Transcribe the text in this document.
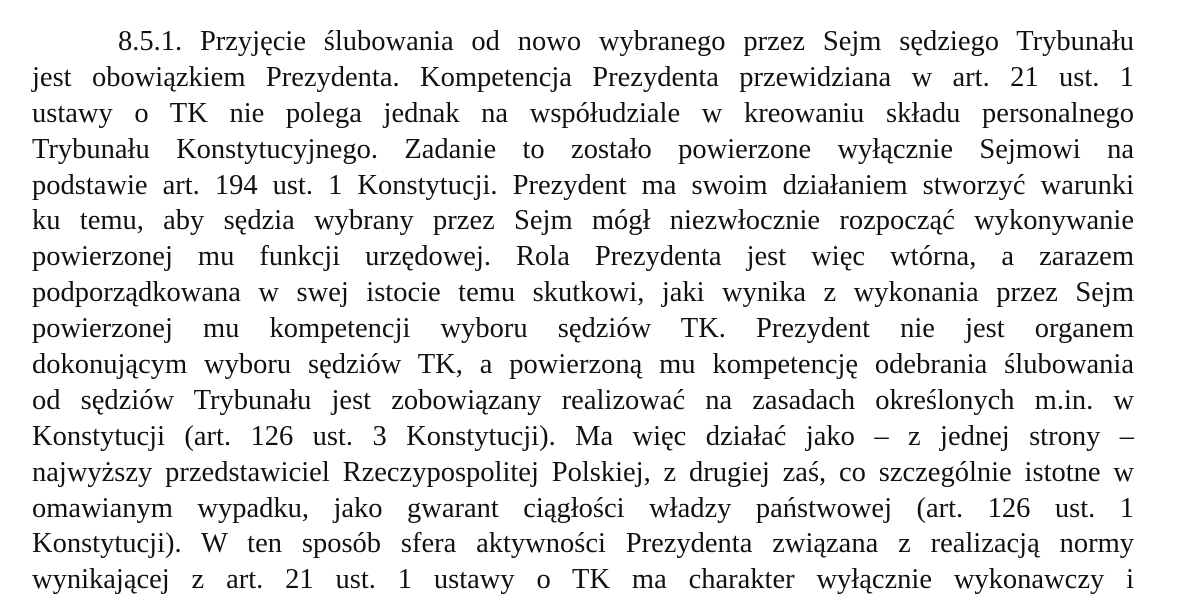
8.5.1. Przyjęcie ślubowania od nowo wybranego przez Sejm sędziego Trybunału
jest obowiązkiem Prezydenta. Kompetencja Prezydenta przewidziana w art. 21 ust. 1
ustawy o TK nie polega jednak na współudziale w kreowaniu składu personalnego
Trybunału Konstytucyjnego. Zadanie to zostało powierzone wyłącznie Sejmowi na
podstawie art. 194 ust. 1 Konstytucji. Prezydent ma swoim działaniem stworzyć warunki
ku temu, aby sędzia wybrany przez Sejm mógł niezwłocznie rozpocząć wykonywanie
powierzonej mu funkcji urzędowej. Rola Prezydenta jest więc wtórna, a zarazem
podporządkowana w swej istocie temu skutkowi, jaki wynika z wykonania przez Sejm
powierzonej mu kompetencji wyboru sędziów TK. Prezydent nie jest organem
dokonującym wyboru sędziów TK, a powierzoną mu kompetencję odebrania ślubowania
od sędziów Trybunału jest zobowiązany realizować na zasadach określonych m.in. w
Konstytucji (art. 126 ust. 3 Konstytucji). Ma więc działać jako – z jednej strony –
najwyższy przedstawiciel Rzeczypospolitej Polskiej, z drugiej zaś, co szczególnie istotne w
omawianym wypadku, jako gwarant ciągłości władzy państwowej (art. 126 ust. 1
Konstytucji). W ten sposób sfera aktywności Prezydenta związana z realizacją normy
wynikającej z art. 21 ust. 1 ustawy o TK ma charakter wyłącznie wykonawczy i
